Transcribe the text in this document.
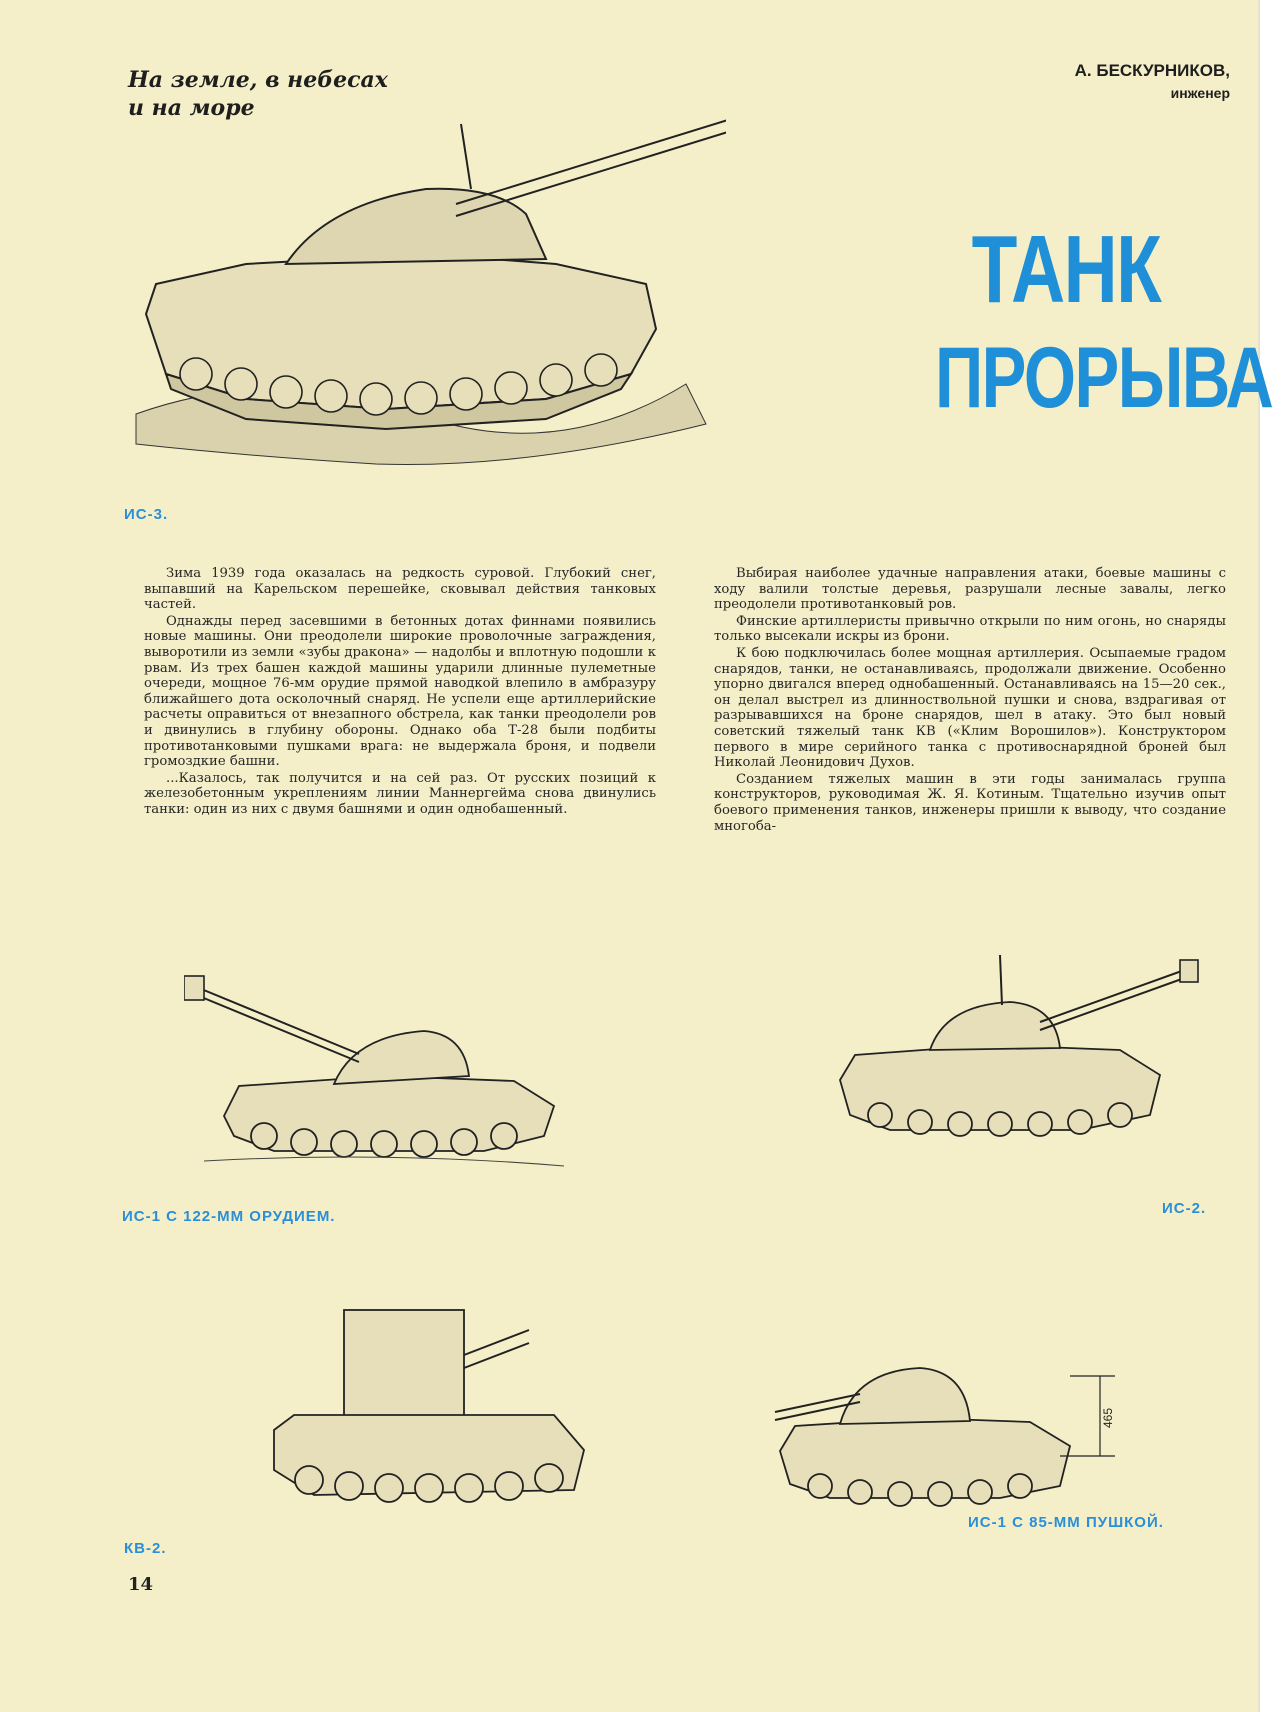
На земле, в небесах
и на море
А. БЕСКУРНИКОВ,
инженер
ТАНК
ПРОРЫВА
ИС-3.

Зима 1939 года оказалась на редкость суровой. Глубокий снег, выпавший на Карельском перешейке, сковывал действия танковых частей.

Однажды перед засевшими в бетонных дотах финнами появились новые машины. Они преодолели широкие проволочные заграждения, выворотили из земли «зубы дракона» — надолбы и вплотную подошли к рвам. Из трех башен каждой машины ударили длинные пулеметные очереди, мощное 76-мм орудие прямой наводкой влепило в амбразуру ближайшего дота осколочный снаряд. Не успели еще артиллерийские расчеты оправиться от внезапного обстрела, как танки преодолели ров и двинулись в глубину обороны. Однако оба Т-28 были подбиты противотанковыми пушками врага: не выдержала броня, и подвели громоздкие башни.

...Казалось, так получится и на сей раз. От русских позиций к железобетонным укреплениям линии Маннергейма снова двинулись танки: один из них с двумя башнями и один однобашенный.

Выбирая наиболее удачные направления атаки, боевые машины с ходу валили толстые деревья, разрушали лесные завалы, легко преодолели противотанковый ров.

Финские артиллеристы привычно открыли по ним огонь, но снаряды только высекали искры из брони.

К бою подключилась более мощная артиллерия. Осыпаемые градом снарядов, танки, не останавливаясь, продолжали движение. Особенно упорно двигался вперед однобашенный. Останавливаясь на 15—20 сек., он делал выстрел из длинноствольной пушки и снова, вздрагивая от разрывавшихся на броне снарядов, шел в атаку. Это был новый советский тяжелый танк КВ («Клим Ворошилов»). Конструктором первого в мире серийного танка с противоснарядной броней был Николай Леонидович Духов.

Созданием тяжелых машин в эти годы занималась группа конструкторов, руководимая Ж. Я. Котиным. Тщательно изучив опыт боевого применения танков, инженеры пришли к выводу, что создание многоба-

ИС-1 С 122-ММ ОРУДИЕМ.	ИС-2.
465
КВ-2.
ИС-1 С 85-ММ ПУШКОЙ.
14
